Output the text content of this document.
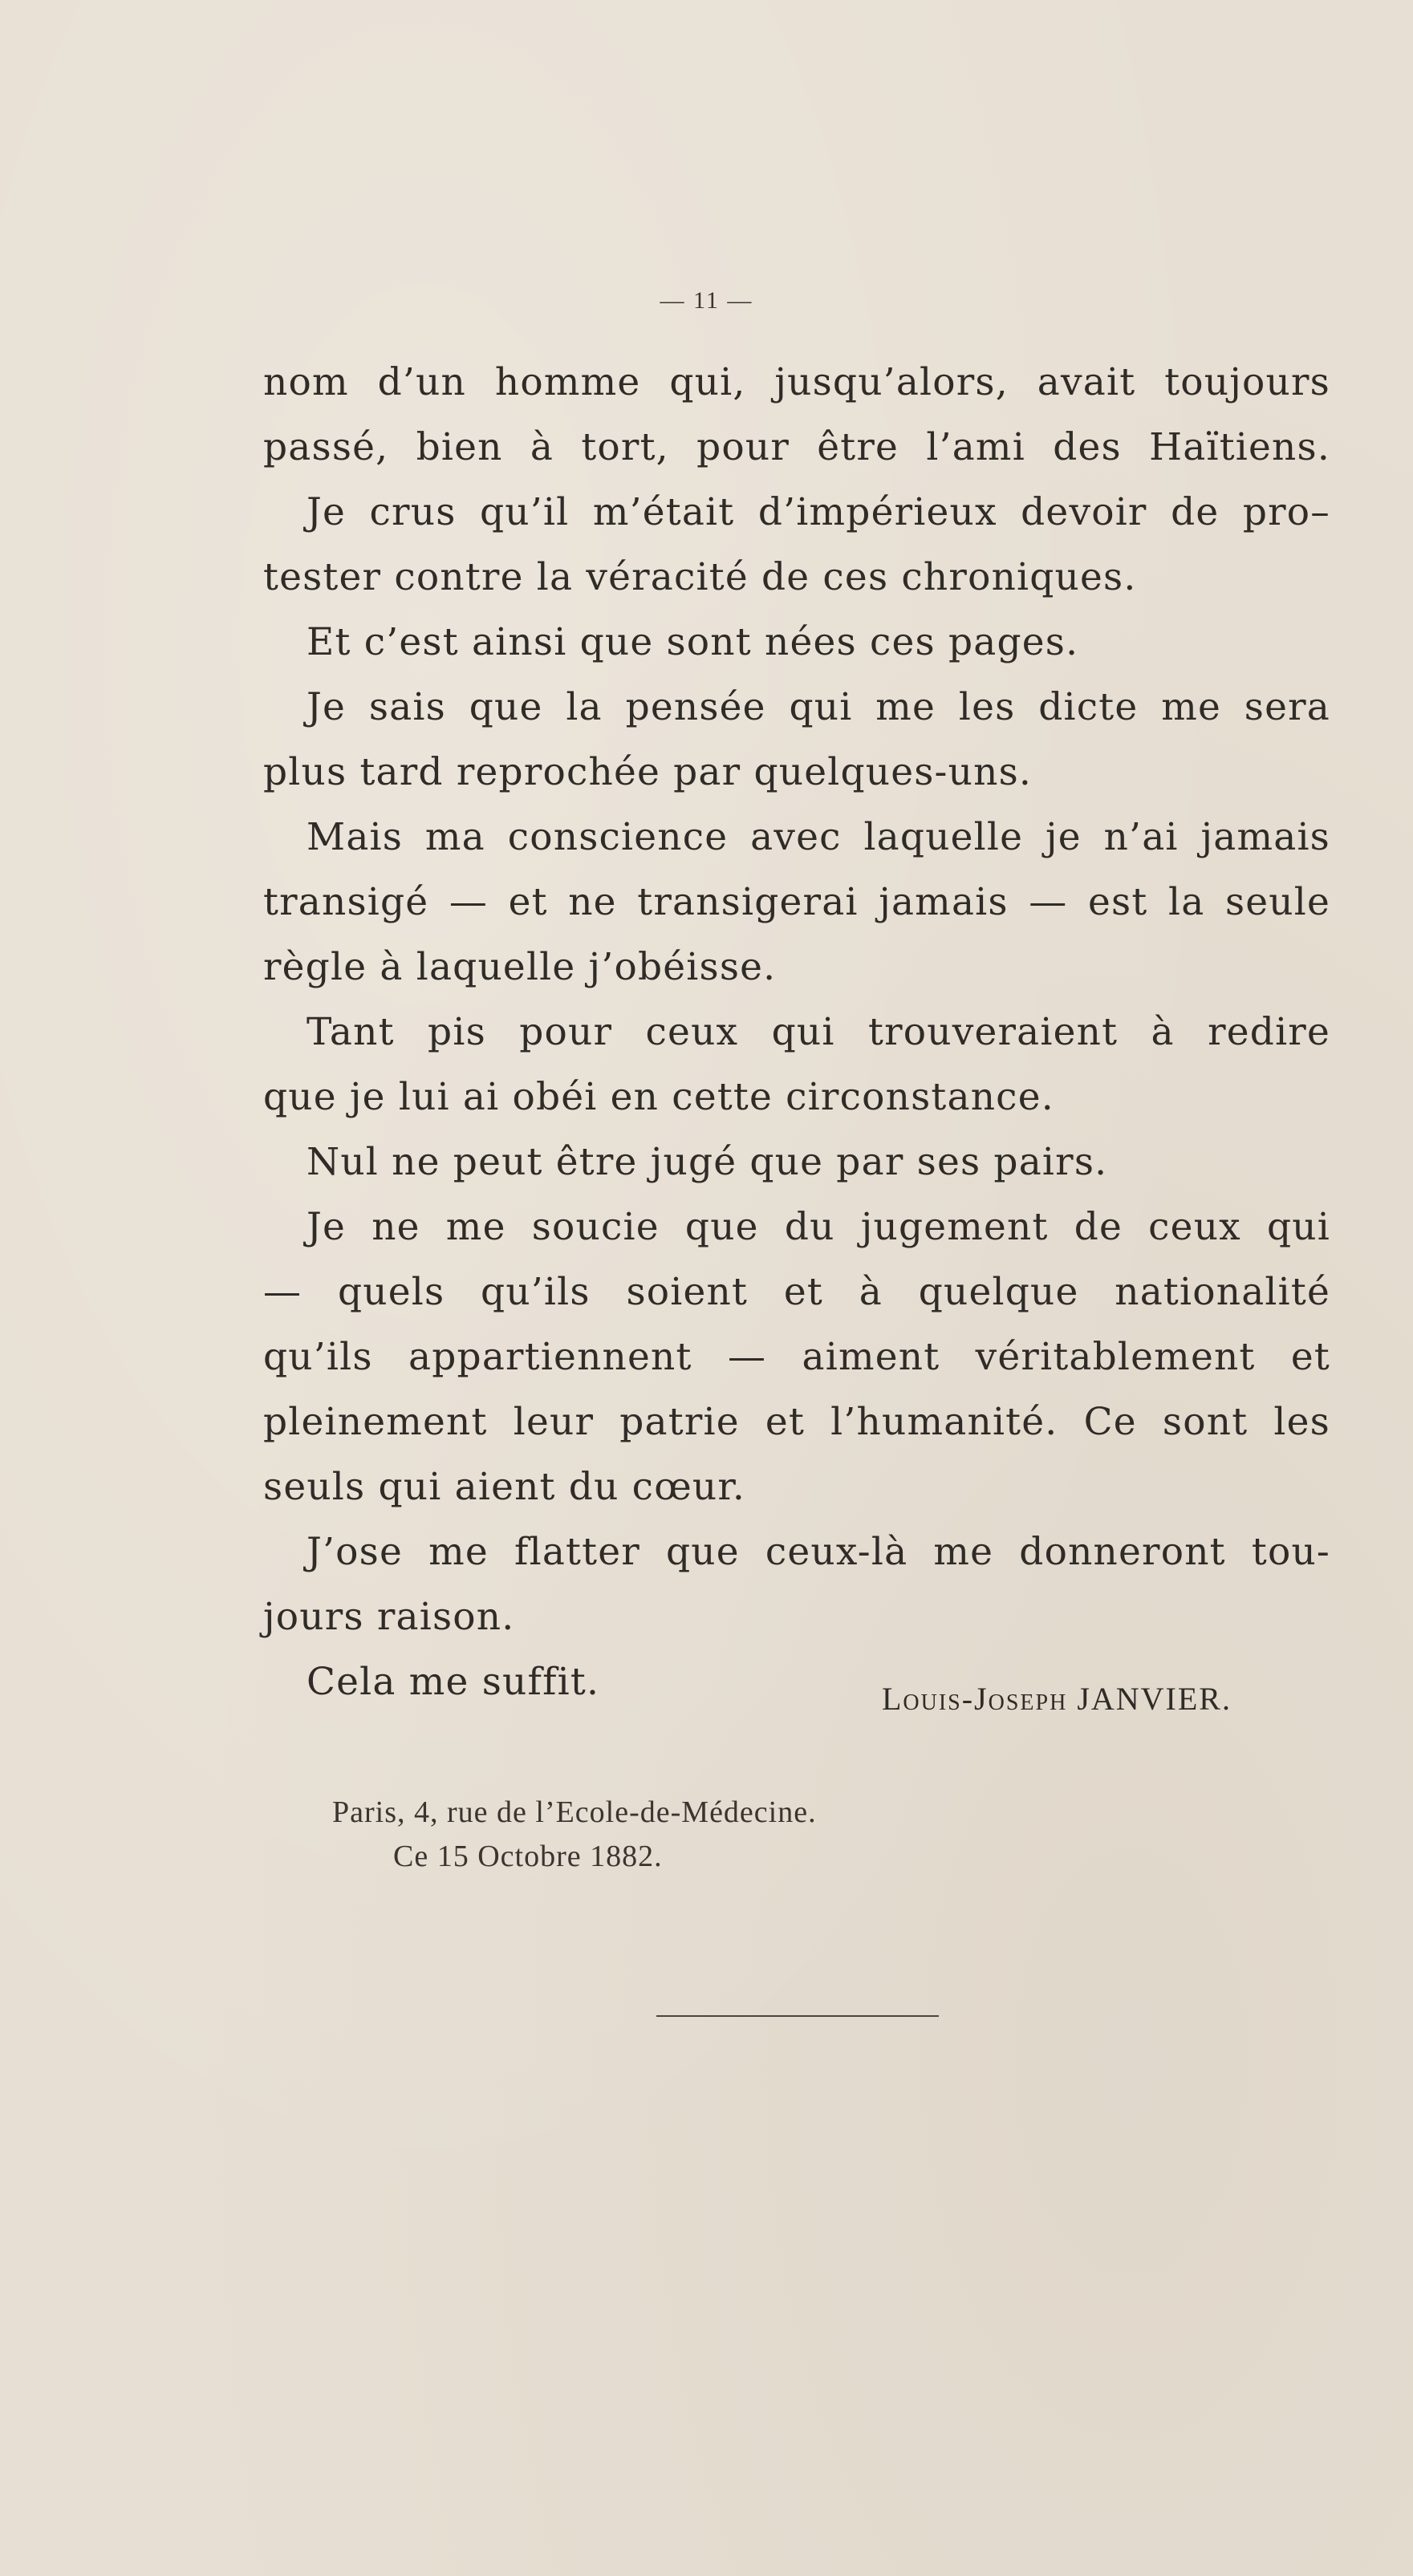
— 11 —
nom d’un homme qui, jusqu’alors, avait toujours
passé, bien à tort, pour être l’ami des Haïtiens.
Je crus qu’il m’était d’impérieux devoir de pro–
tester contre la véracité de ces chroniques.
Et c’est ainsi que sont nées ces pages.
Je sais que la pensée qui me les dicte me sera
plus tard reprochée par quelques-uns.
Mais ma conscience avec laquelle je n’ai jamais
transigé — et ne transigerai jamais — est la seule
règle à laquelle j’obéisse.
Tant pis pour ceux qui trouveraient à redire
que je lui ai obéi en cette circonstance.
Nul ne peut être jugé que par ses pairs.
Je ne me soucie que du jugement de ceux qui
— quels qu’ils soient et à quelque nationalité
qu’ils appartiennent — aiment véritablement et
pleinement leur patrie et l’humanité. Ce sont les
seuls qui aient du cœur.
J’ose me flatter que ceux-là me donneront tou-
jours raison.
Cela me suffit.	Louis-Joseph JANVIER.
Paris, 4, rue de l’Ecole-de-Médecine.
Ce 15 Octobre 1882.
